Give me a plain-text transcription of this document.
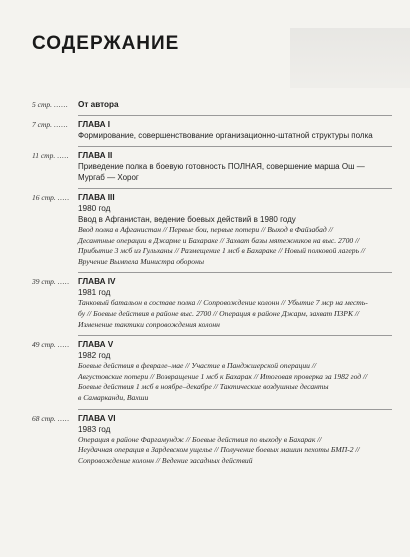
СОДЕРЖАНИЕ
5 стр. ......	От автора
7 стр. ......	ГЛАВА I
Формирование, совершенствование организационно-штатной структуры полка
11 стр. .....	ГЛАВА II
Приведение полка в боевую готовность ПОЛНАЯ, совершение марша Ош — Мургаб — Хорог
16 стр. .....	ГЛАВА III
1980 год
Ввод в Афганистан, ведение боевых действий в 1980 году
Ввод полка в Афганистан // Первые бои, первые потери // Выход в Файзабад //
Десантные операции в Джарме и Бахараке // Захват базы мятежников на выс. 2700 //
Прибытие 3 мсб из Гульханы // Размещение 1 мсб в Бахараке // Новый полковой лагерь //
Вручение Вымпела Министра обороны
39 стр. .....	ГЛАВА IV
1981 год
Танковый батальон в составе полка // Сопровождение колонн // Убытие 7 мср на месть-
бу // Боевые действия в районе выс. 2700 // Операция в районе Джарм, захват ПЗРК //
Изменение тактики сопровождения колонн
49 стр. .....	ГЛАВА V
1982 год
Боевые действия в феврале–мае // Участие в Панджшерской операции //
Августовские потери // Возвращение 1 мсб к Бахарак // Итоговая проверка за 1982 год //
Боевые действия 1 мсб в ноябре–декабре // Тактические воздушные десанты
в Самарканди, Вахши
68 стр. .....	ГЛАВА VI
1983 год
Операция в районе Фаргамундж // Боевые действия по выходу в Бахарак //
Неудачная операция в Зардевском ущелье // Получение боевых машин пехоты БМП-2 //
Сопровождение колонн // Ведение засадных действий
